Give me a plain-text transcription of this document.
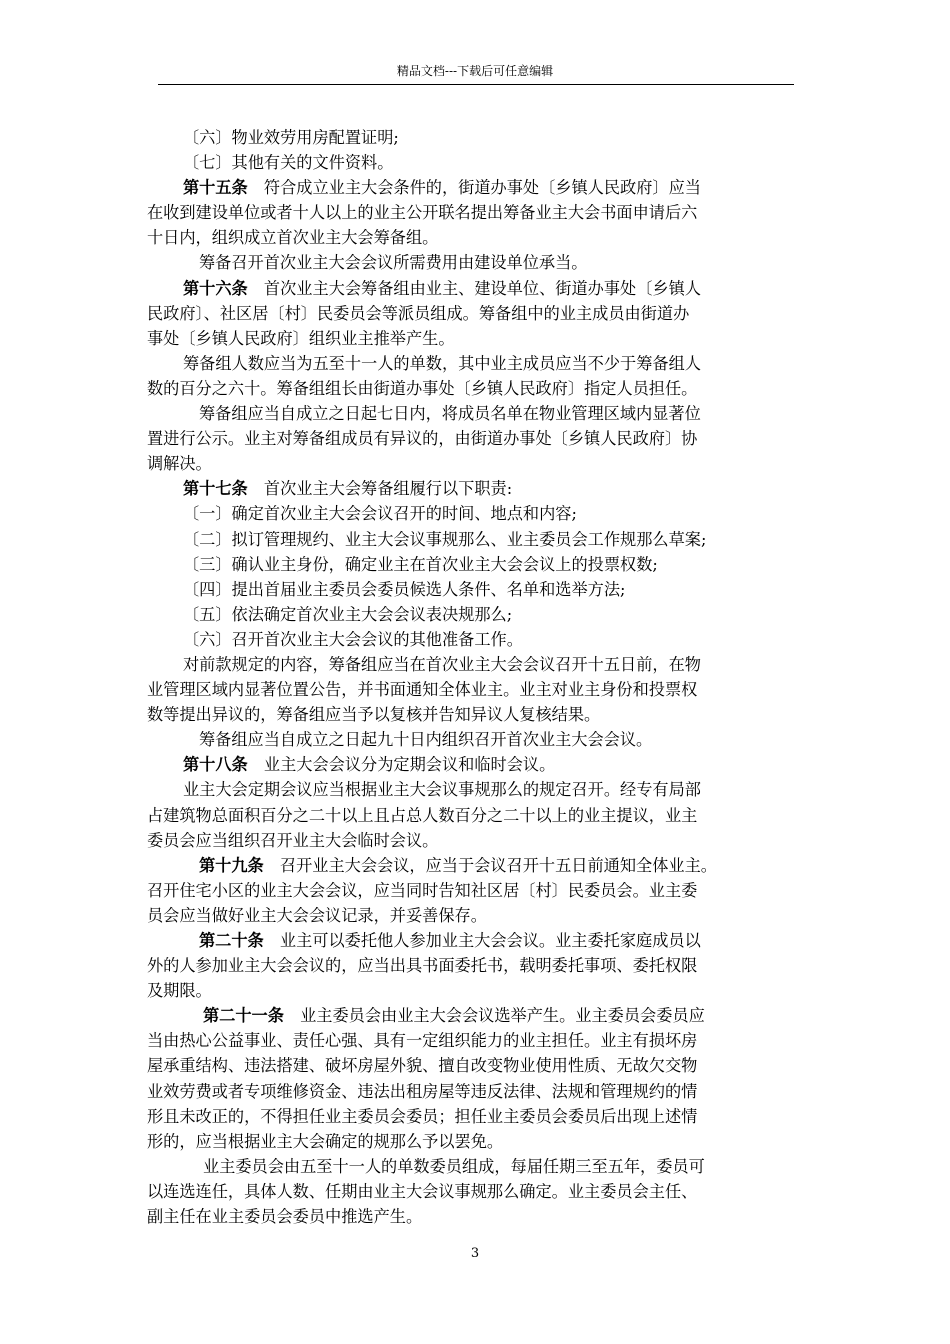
精品文档---下载后可任意编辑

〔六〕物业效劳用房配置证明;

〔七〕其他有关的文件资料。

第十五条　符合成立业主大会条件的，街道办事处〔乡镇人民政府〕应当

在收到建设单位或者十人以上的业主公开联名提出筹备业主大会书面申请后六

十日内，组织成立首次业主大会筹备组。

筹备召开首次业主大会会议所需费用由建设单位承当。

第十六条　首次业主大会筹备组由业主、建设单位、街道办事处〔乡镇人

民政府〕、社区居〔村〕民委员会等派员组成。筹备组中的业主成员由街道办

事处〔乡镇人民政府〕组织业主推举产生。

筹备组人数应当为五至十一人的单数，其中业主成员应当不少于筹备组人

数的百分之六十。筹备组组长由街道办事处〔乡镇人民政府〕指定人员担任。

筹备组应当自成立之日起七日内，将成员名单在物业管理区域内显著位

置进行公示。业主对筹备组成员有异议的，由街道办事处〔乡镇人民政府〕协

调解决。

第十七条　首次业主大会筹备组履行以下职责:

〔一〕确定首次业主大会会议召开的时间、地点和内容;

〔二〕拟订管理规约、业主大会议事规那么、业主委员会工作规那么草案;

〔三〕确认业主身份，确定业主在首次业主大会会议上的投票权数;

〔四〕提出首届业主委员会委员候选人条件、名单和选举方法;

〔五〕依法确定首次业主大会会议表决规那么;

〔六〕召开首次业主大会会议的其他准备工作。

对前款规定的内容，筹备组应当在首次业主大会会议召开十五日前，在物

业管理区域内显著位置公告，并书面通知全体业主。业主对业主身份和投票权

数等提出异议的，筹备组应当予以复核并告知异议人复核结果。

筹备组应当自成立之日起九十日内组织召开首次业主大会会议。

第十八条　业主大会会议分为定期会议和临时会议。

业主大会定期会议应当根据业主大会议事规那么的规定召开。经专有局部

占建筑物总面积百分之二十以上且占总人数百分之二十以上的业主提议，业主

委员会应当组织召开业主大会临时会议。

第十九条　召开业主大会会议，应当于会议召开十五日前通知全体业主。

召开住宅小区的业主大会会议，应当同时告知社区居〔村〕民委员会。业主委

员会应当做好业主大会会议记录，并妥善保存。

第二十条　业主可以委托他人参加业主大会会议。业主委托家庭成员以

外的人参加业主大会会议的，应当出具书面委托书，载明委托事项、委托权限

及期限。

第二十一条　业主委员会由业主大会会议选举产生。业主委员会委员应

当由热心公益事业、责任心强、具有一定组织能力的业主担任。业主有损坏房

屋承重结构、违法搭建、破坏房屋外貌、擅自改变物业使用性质、无故欠交物

业效劳费或者专项维修资金、违法出租房屋等违反法律、法规和管理规约的情

形且未改正的，不得担任业主委员会委员；担任业主委员会委员后出现上述情

形的，应当根据业主大会确定的规那么予以罢免。

业主委员会由五至十一人的单数委员组成，每届任期三至五年，委员可

以连选连任，具体人数、任期由业主大会议事规那么确定。业主委员会主任、

副主任在业主委员会委员中推选产生。

3
